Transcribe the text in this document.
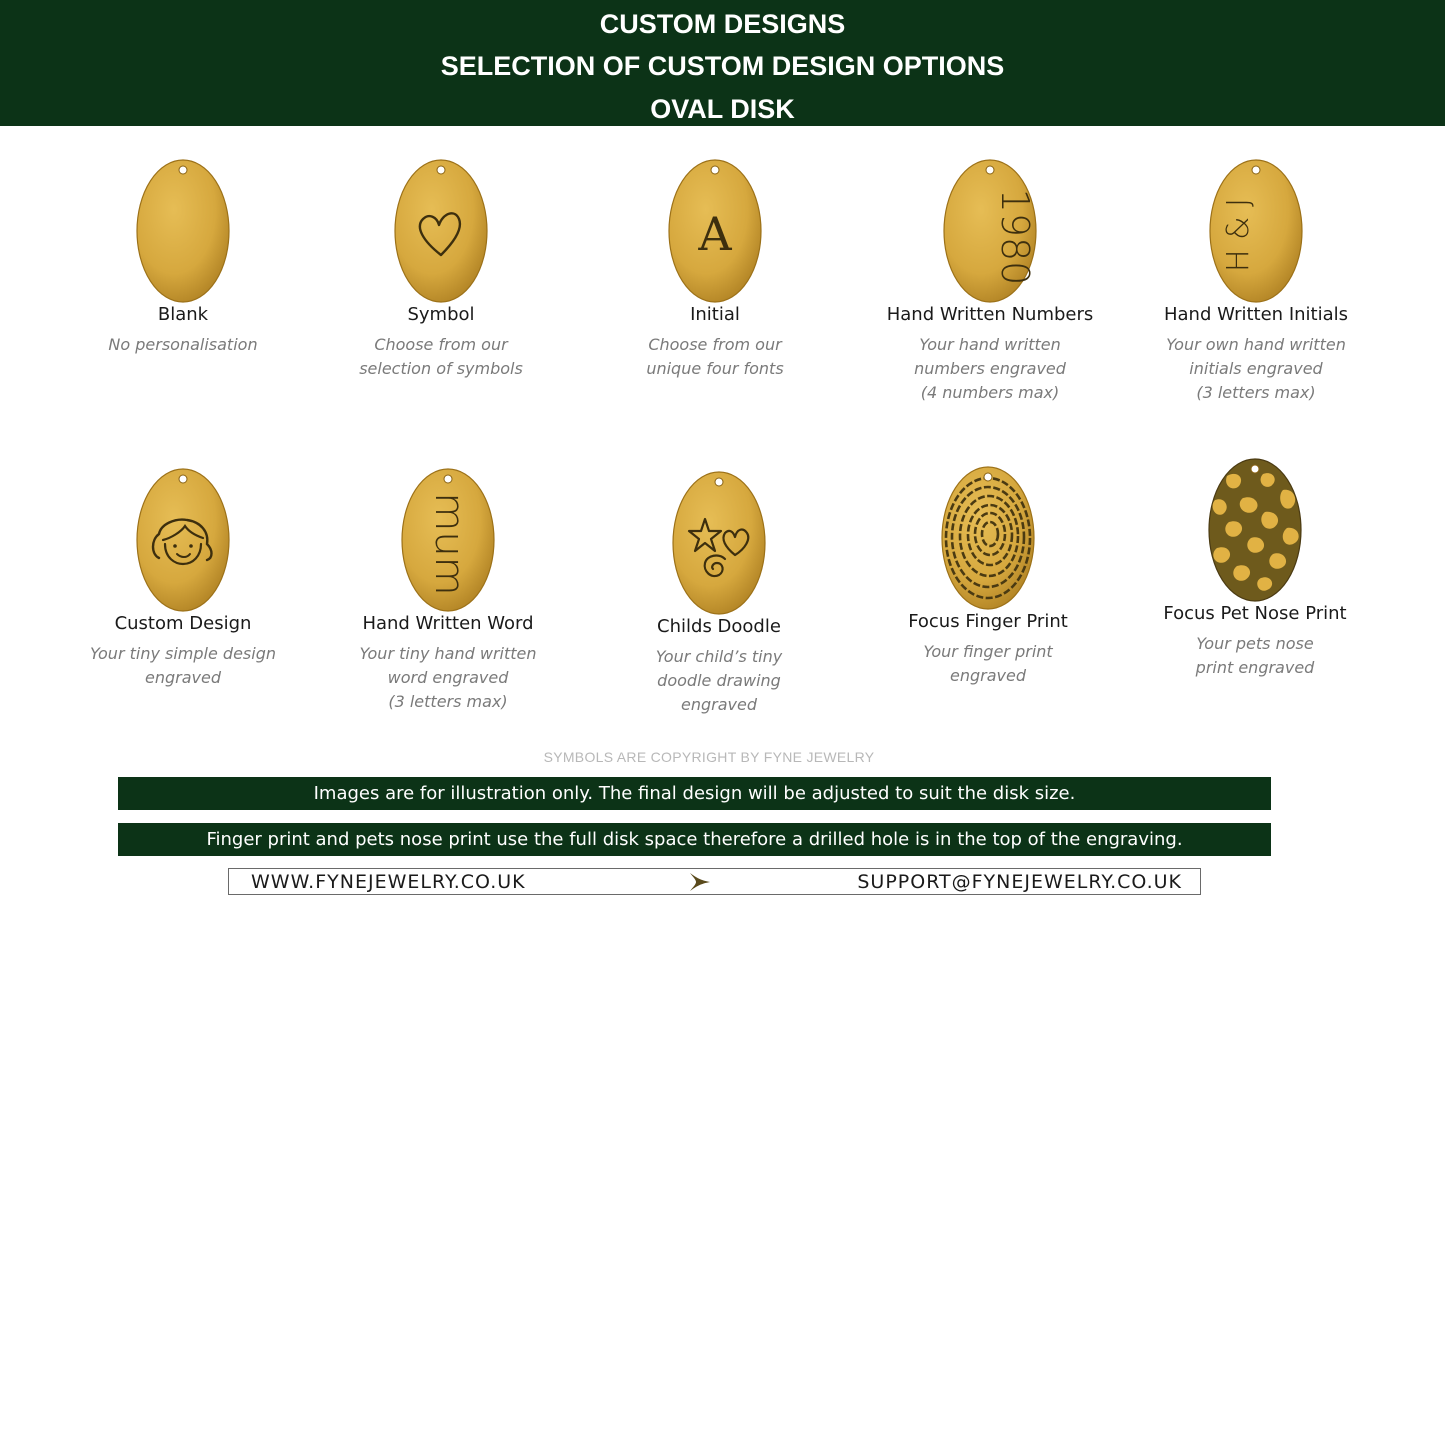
CUSTOM DESIGNS
SELECTION OF CUSTOM DESIGN OPTIONS
OVAL DISK
Blank
No personalisation
Symbol
Choose from our
selection of symbols
A
Initial
Choose from our
unique four fonts
1980
Hand Written Numbers
Your hand written
numbers engraved
(4 numbers max)
H & J
Hand Written Initials
Your own hand written
initials engraved
(3 letters max)
Custom Design
Your tiny simple design
engraved
mum
Hand Written Word
Your tiny hand written
word engraved
(3 letters max)
Childs Doodle
Your child’s tiny
doodle drawing
engraved
Focus Finger Print
Your finger print
engraved
Focus Pet Nose Print
Your pets nose
print engraved
SYMBOLS ARE COPYRIGHT BY FYNE JEWELRY
Images are for illustration only. The final design will be adjusted to suit the disk size.
Finger print and pets nose print use the full disk space therefore a drilled hole is in the top of the engraving.
WWW.FYNEJEWELRY.CO.UK	SUPPORT@FYNEJEWELRY.CO.UK
